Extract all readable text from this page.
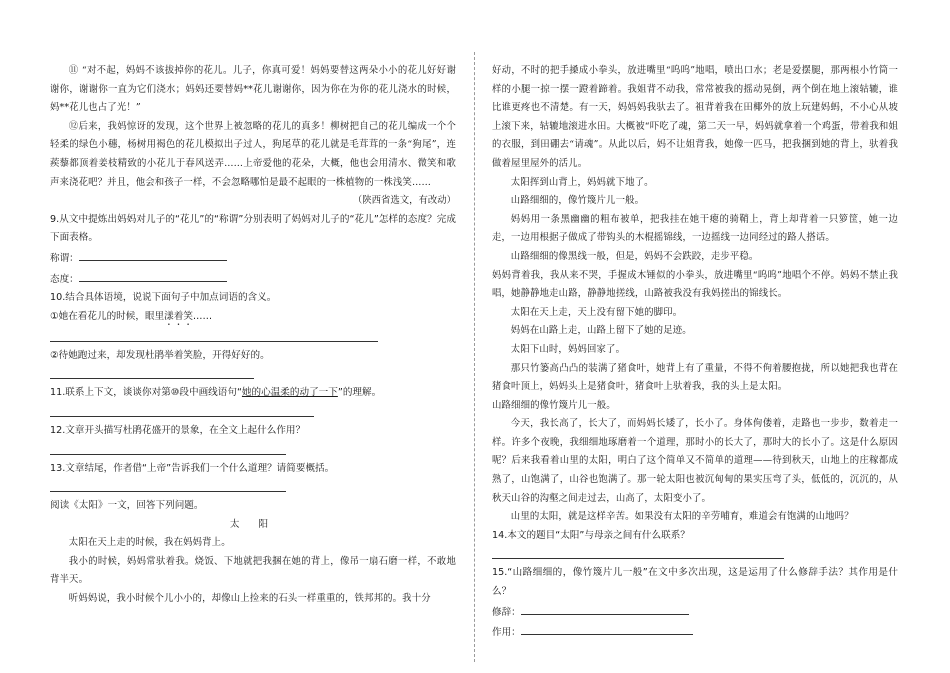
⑪ “对不起，妈妈不该拔掉你的花儿。儿子，你真可爱！妈妈要替这两朵小小的花儿好好谢谢你，谢谢你一直为它们浇水；妈妈还要替妈**花儿谢谢你，因为你在为你的花儿浇水的时候，妈**花儿也占了光！”

⑫后来，我妈惊讶的发现，这个世界上被忽略的花儿的真多！柳树把自己的花儿编成一个个轻柔的绿色小穗，杨树用褐色的花儿模拟出子过人，狗尾草的花儿就是毛茸茸的一条“狗尾”，连蒺藜都顶着姜枝精致的小花儿于春风送弄……上帝爱他的花朵，大概，他也会用清水、微笑和歌声来浇花吧？并且，他会和孩子一样，不会忽略哪怕是最不起眼的一株植物的一株浅笑……

（陕西省选文，有改动）

9.从文中提炼出妈妈对儿子的“花儿”的“称谓”分别表明了妈妈对儿子的“花儿”怎样的态度？完成下面表格。

称谓：

态度：

10.结合具体语境，说说下面句子中加点词语的含义。

①她在看花儿的时候，眼里漾着笑……

②待她跑过来，却发现杜鹃举着笑脸，开得好好的。

11.联系上下文，谈谈你对第⑩段中画线语句“她的心温柔的动了一下”的理解。

12.文章开头描写杜鹃花盛开的景象，在全文上起什么作用？

13.文章结尾，作者借“上帝”告诉我们一个什么道理？请简要概括。

阅读《太阳》一文，回答下列问题。

太 阳

太阳在天上走的时候，我在妈妈背上。

我小的时候，妈妈常驮着我。烧饭、下地就把我捆在她的背上，像吊一扇石磨一样，不敢地背半天。

听妈妈说，我小时候个儿小小的，却像山上捡来的石头一样重重的，铁邦邦的。我十分

好动，不时的把手搡成小拳头，放进嘴里“呜呜”地唱，喷出口水；老是爱摆腿，那两根小竹筒一样的小腿一掠一摆一蹬着蹄着。我姐背不动我，常常被我的摇动晃倒，两个倒在地上滚轱辘，谁比谁更疼也不清楚。有一天，妈妈妈我驮去了。祖背着我在田椰外的放上玩建妈蚂，不小心从坡上滚下来，轱辘地滚进水田。大概被“吓吃了魂，第二天一早，妈妈就拿着一个鸡蛋，带着我和姐的衣服，到田硼去“请魂”。从此以后，妈不让姐背我，她像一匹马，把我捆到她的背上，驮着我做着屋里屋外的活儿。

太阳挥到山背上，妈妈就下地了。

山路细细的，像竹篾片儿一般。

妈妈用一条黑幽幽的粗布被单，把我挂在她干瘪的骑鞘上，背上却背着一只箩筐，她一边走，一边用根据子做成了带钩头的木棍摇锦线，一边摇线一边同经过的路人搭话。

山路细细的像黑线一般，但是，妈妈不会跌跤，走步平稳。

妈妈背着我，我从来不哭，手握成木锤似的小拳头，放进嘴里“呜呜”地唱个不停。妈妈不禁止我唱，她静静地走山路，静静地搓线，山路被我没有我妈搓出的锦线长。

太阳在天上走，天上没有留下她的脚印。

妈妈在山路上走，山路上留下了她的足迹。

太阳下山时，妈妈回家了。

那只竹篓高凸凸的装满了猪食叶，她背上有了重量，不得不佝着腰抱拢，所以她把我也背在猪食叶顶上，妈妈头上是猪食叶，猪食叶上驮着我，我的头上是太阳。

山路细细的像竹篾片儿一般。

今天，我长高了，长大了，而妈妈长矮了，长小了。身体佝偻着，走路也一步步，数着走一样。许多个夜晚，我细细地琢磨着一个道理，那时小的长大了，那时大的长小了。这是什么原因呢？后来我看着山里的太阳，明白了这个简单又不简单的道理——待到秋天，山地上的庄稼都成熟了，山饱满了，山谷也饱满了。那一轮太阳也被沉甸甸的果实压弯了头，低低的，沉沉的，从秋天山谷的沟壑之间走过去，山高了，太阳变小了。

山里的太阳，就是这样辛苦。如果没有太阳的辛劳哺育，难道会有饱满的山地吗？

14.本文的题目“太阳”与母亲之间有什么联系？

15.“山路细细的，像竹篾片儿一般”在文中多次出现，这是运用了什么修辞手法？其作用是什么？

修辞：

作用：
